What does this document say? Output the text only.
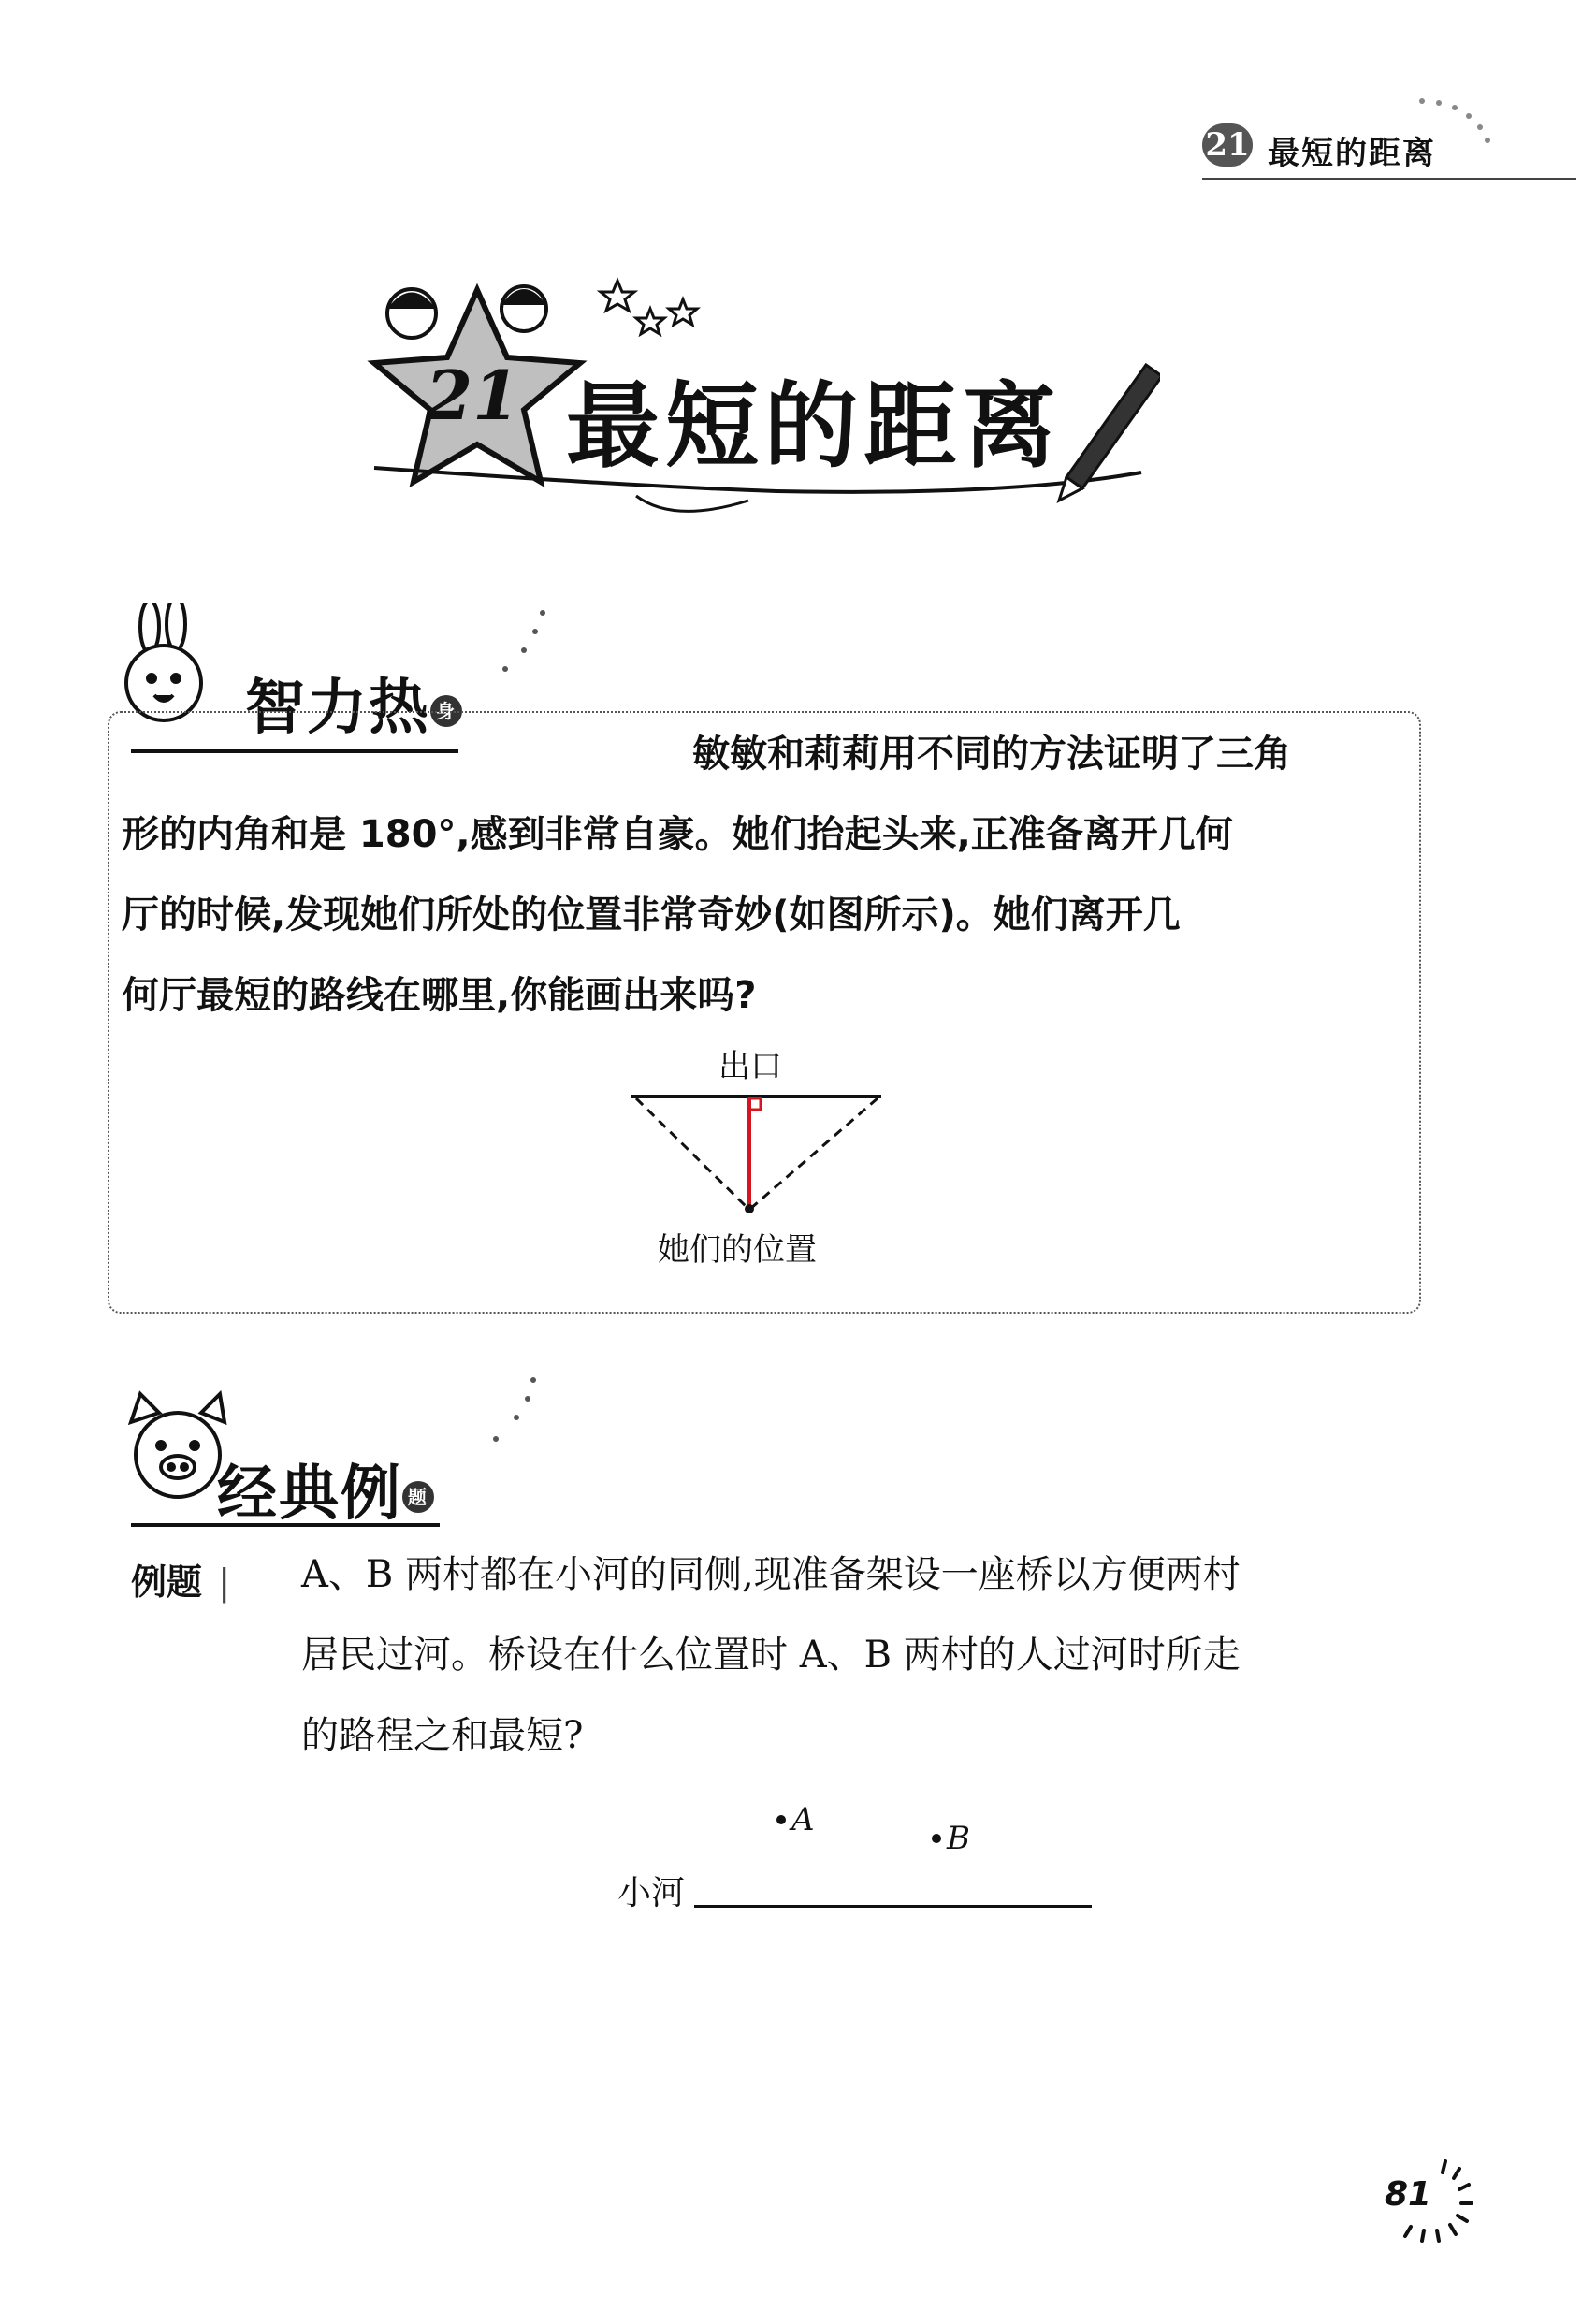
21 最短的距离
21 最短的距离
智力热 身
敏敏和莉莉用不同的方法证明了三角
形的内角和是 180°,感到非常自豪。她们抬起头来,正准备离开几何
厅的时候,发现她们所处的位置非常奇妙(如图所示)。她们离开几
何厅最短的路线在哪里,你能画出来吗?
出口
她们的位置
经典例 题
例题 | A、B 两村都在小河的同侧,现准备架设一座桥以方便两村
居民过河。桥设在什么位置时 A、B 两村的人过河时所走
的路程之和最短?
A	B
小河
81
